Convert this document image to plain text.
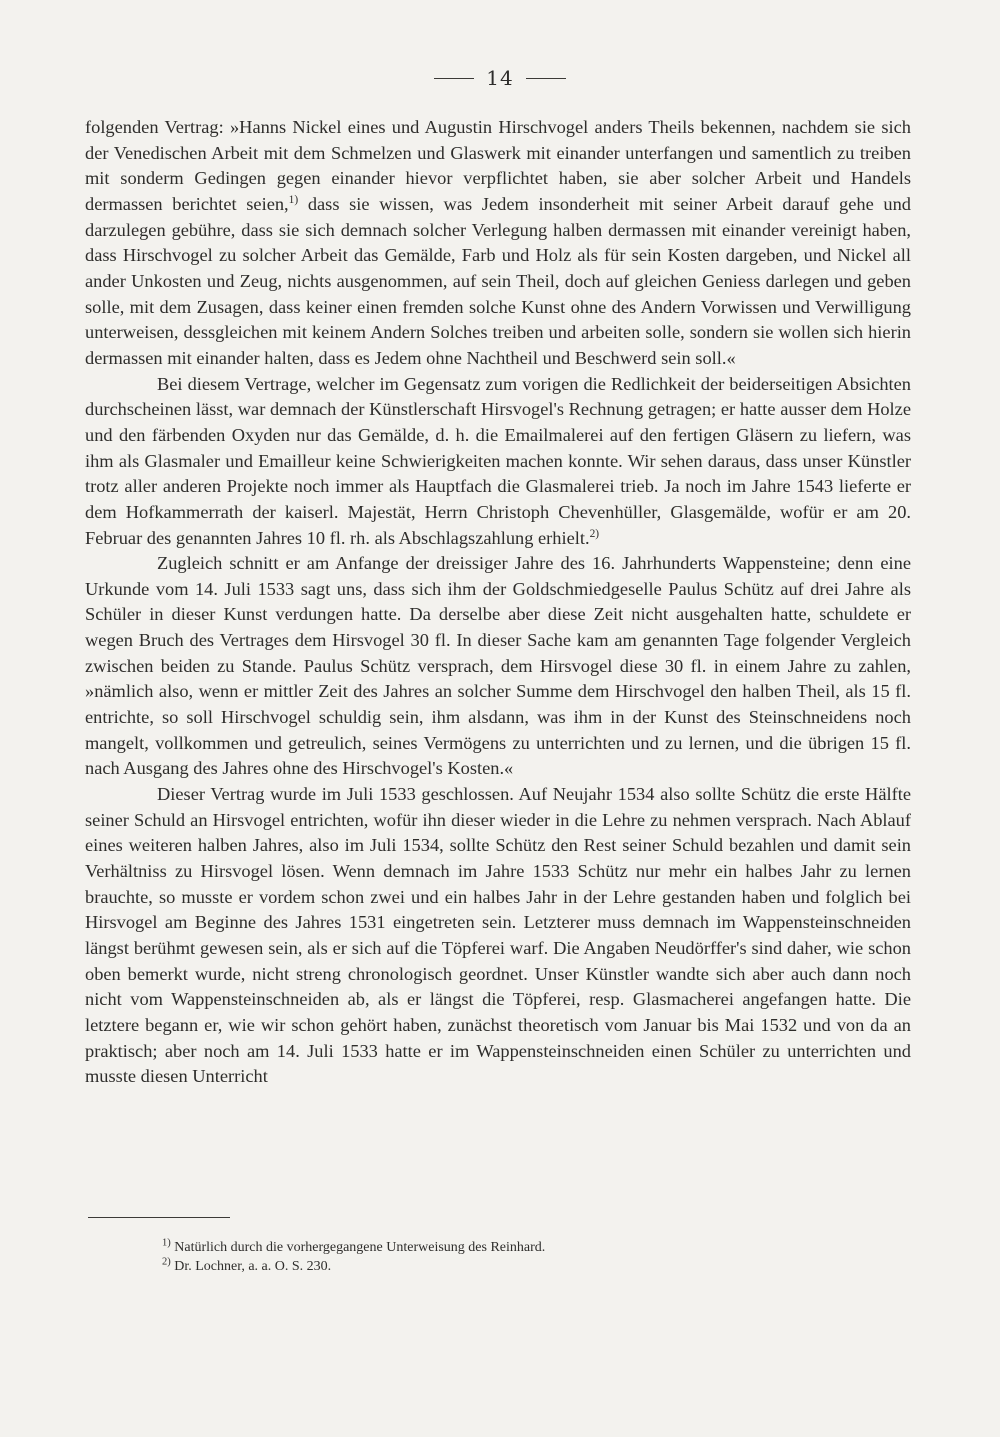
14

folgenden Vertrag: »Hanns Nickel eines und Augustin Hirschvogel anders Theils bekennen, nachdem sie sich der Venedischen Arbeit mit dem Schmelzen und Glaswerk mit einander unterfangen und samentlich zu treiben mit sonderm Gedingen gegen einander hievor verpflichtet haben, sie aber solcher Arbeit und Handels dermassen berichtet seien,$^{1)}$ dass sie wissen, was Jedem insonderheit mit seiner Arbeit darauf gehe und darzulegen gebühre, dass sie sich demnach solcher Verlegung halben dermassen mit einander vereinigt haben, dass Hirschvogel zu solcher Arbeit das Gemälde, Farb und Holz als für sein Kosten dargeben, und Nickel all ander Unkosten und Zeug, nichts ausgenommen, auf sein Theil, doch auf gleichen Geniess darlegen und geben solle, mit dem Zusagen, dass keiner einen fremden solche Kunst ohne des Andern Vorwissen und Verwilligung unterweisen, dessgleichen mit keinem Andern Solches treiben und arbeiten solle, sondern sie wollen sich hierin dermassen mit einander halten, dass es Jedem ohne Nachtheil und Beschwerd sein soll.«

Bei diesem Vertrage, welcher im Gegensatz zum vorigen die Redlichkeit der beiderseitigen Absichten durchscheinen lässt, war demnach der Künstlerschaft Hirsvogel's Rechnung getragen; er hatte ausser dem Holze und den färbenden Oxyden nur das Gemälde, d. h. die Emailmalerei auf den fertigen Gläsern zu liefern, was ihm als Glasmaler und Emailleur keine Schwierigkeiten machen konnte. Wir sehen daraus, dass unser Künstler trotz aller anderen Projekte noch immer als Hauptfach die Glasmalerei trieb. Ja noch im Jahre 1543 lieferte er dem Hofkammerrath der kaiserl. Majestät, Herrn Christoph Chevenhüller, Glasgemälde, wofür er am 20. Februar des genannten Jahres 10 fl. rh. als Abschlagszahlung erhielt.$^{2)}$

Zugleich schnitt er am Anfange der dreissiger Jahre des 16. Jahrhunderts Wappensteine; denn eine Urkunde vom 14. Juli 1533 sagt uns, dass sich ihm der Goldschmiedgeselle Paulus Schütz auf drei Jahre als Schüler in dieser Kunst verdungen hatte. Da derselbe aber diese Zeit nicht ausgehalten hatte, schuldete er wegen Bruch des Vertrages dem Hirsvogel 30 fl. In dieser Sache kam am genannten Tage folgender Vergleich zwischen beiden zu Stande. Paulus Schütz versprach, dem Hirsvogel diese 30 fl. in einem Jahre zu zahlen, »nämlich also, wenn er mittler Zeit des Jahres an solcher Summe dem Hirschvogel den halben Theil, als 15 fl. entrichte, so soll Hirschvogel schuldig sein, ihm alsdann, was ihm in der Kunst des Steinschneidens noch mangelt, vollkommen und getreulich, seines Vermögens zu unterrichten und zu lernen, und die übrigen 15 fl. nach Ausgang des Jahres ohne des Hirschvogel's Kosten.«

Dieser Vertrag wurde im Juli 1533 geschlossen. Auf Neujahr 1534 also sollte Schütz die erste Hälfte seiner Schuld an Hirsvogel entrichten, wofür ihn dieser wieder in die Lehre zu nehmen versprach. Nach Ablauf eines weiteren halben Jahres, also im Juli 1534, sollte Schütz den Rest seiner Schuld bezahlen und damit sein Verhältniss zu Hirsvogel lösen. Wenn demnach im Jahre 1533 Schütz nur mehr ein halbes Jahr zu lernen brauchte, so musste er vordem schon zwei und ein halbes Jahr in der Lehre gestanden haben und folglich bei Hirsvogel am Beginne des Jahres 1531 eingetreten sein. Letzterer muss demnach im Wappensteinschneiden längst berühmt gewesen sein, als er sich auf die Töpferei warf. Die Angaben Neudörffer's sind daher, wie schon oben bemerkt wurde, nicht streng chronologisch geordnet. Unser Künstler wandte sich aber auch dann noch nicht vom Wappensteinschneiden ab, als er längst die Töpferei, resp. Glasmacherei angefangen hatte. Die letztere begann er, wie wir schon gehört haben, zunächst theoretisch vom Januar bis Mai 1532 und von da an praktisch; aber noch am 14. Juli 1533 hatte er im Wappensteinschneiden einen Schüler zu unterrichten und musste diesen Unterricht

$^{1)}$ Natürlich durch die vorhergegangene Unterweisung des Reinhard.
$^{2)}$ Dr. Lochner, a. a. O. S. 230.
